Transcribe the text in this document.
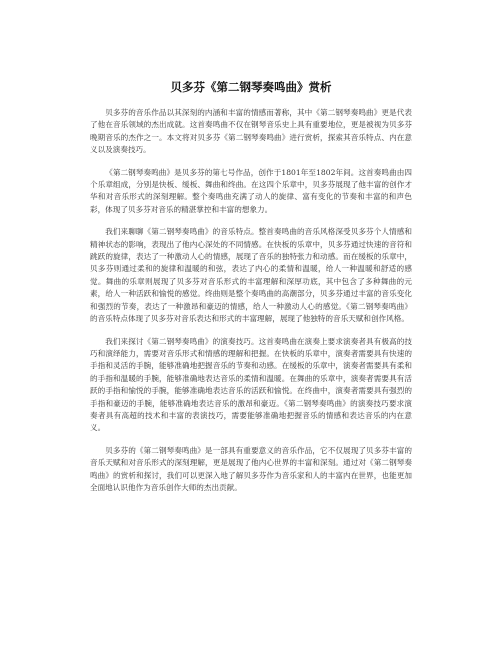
贝多芬《第二钢琴奏鸣曲》赏析

贝多芬的音乐作品以其深刻的内涵和丰富的情感而著称，其中《第二钢琴奏鸣曲》更是代表了他在音乐领域的杰出成就。这首奏鸣曲不仅在钢琴音乐史上具有重要地位，更是被视为贝多芬晚期音乐的杰作之一。本文将对贝多芬《第二钢琴奏鸣曲》进行赏析，探索其音乐特点、内在意义以及演奏技巧。

《第二钢琴奏鸣曲》是贝多芬的第七号作品，创作于1801年至1802年间。这首奏鸣曲由四个乐章组成，分别是快板、缓板、舞曲和终曲。在这四个乐章中，贝多芬展现了他丰富的创作才华和对音乐形式的深刻理解。整个奏鸣曲充满了动人的旋律、富有变化的节奏和丰富的和声色彩，体现了贝多芬对音乐的精湛掌控和丰富的想象力。

我们来聊聊《第二钢琴奏鸣曲》的音乐特点。整首奏鸣曲的音乐风格深受贝多芬个人情感和精神状态的影响，表现出了他内心深处的不同情感。在快板的乐章中，贝多芬通过快速的音符和跳跃的旋律，表达了一种激动人心的情感，展现了音乐的独特张力和动感。而在缓板的乐章中，贝多芬则通过柔和的旋律和温暖的和弦，表达了内心的柔情和温暖，给人一种温暖和舒适的感觉。舞曲的乐章则展现了贝多芬对音乐形式的丰富理解和深厚功底，其中包含了多种舞曲的元素，给人一种活跃和愉悦的感觉。终曲则是整个奏鸣曲的高潮部分，贝多芬通过丰富的音乐变化和强烈的节奏，表达了一种激昂和豪迈的情感，给人一种激动人心的感觉。《第二钢琴奏鸣曲》的音乐特点体现了贝多芬对音乐表达和形式的丰富理解，展现了他独特的音乐天赋和创作风格。

我们来探讨《第二钢琴奏鸣曲》的演奏技巧。这首奏鸣曲在演奏上要求演奏者具有极高的技巧和演绎能力，需要对音乐形式和情感的理解和把握。在快板的乐章中，演奏者需要具有快速的手指和灵活的手腕，能够准确地把握音乐的节奏和动感。在缓板的乐章中，演奏者需要具有柔和的手指和温暖的手腕，能够准确地表达音乐的柔情和温暖。在舞曲的乐章中，演奏者需要具有活跃的手指和愉悦的手腕，能够准确地表达音乐的活跃和愉悦。在终曲中，演奏者需要具有强烈的手指和豪迈的手腕，能够准确地表达音乐的激昂和豪迈。《第二钢琴奏鸣曲》的演奏技巧要求演奏者具有高超的技术和丰富的表演技巧，需要能够准确地把握音乐的情感和表达音乐的内在意义。

贝多芬的《第二钢琴奏鸣曲》是一部具有重要意义的音乐作品，它不仅展现了贝多芬丰富的音乐天赋和对音乐形式的深刻理解，更是展现了他内心世界的丰富和深刻。通过对《第二钢琴奏鸣曲》的赏析和探讨，我们可以更深入地了解贝多芬作为音乐家和人的丰富内在世界，也能更加全面地认识他作为音乐创作大师的杰出贡献。
